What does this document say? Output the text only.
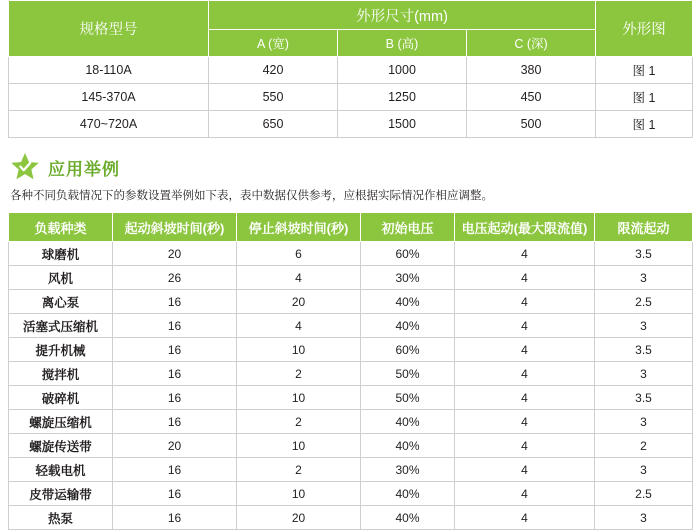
规格型号	外形尺寸(mm)			外形图
	A (宽)	B (高)	C (深)	
18-110A	420	1000	380	图 1
145-370A	550	1250	450	图 1
470~720A	650	1500	500	图 1
应用举例
各种不同负载情况下的参数设置举例如下表，表中数据仅供参考，应根据实际情况作相应调整。
负载种类	起动斜坡时间(秒)	停止斜坡时间(秒)	初始电压	电压起动(最大限流值)	限流起动
球磨机	20	6	60%	4	3.5
风机	26	4	30%	4	3
离心泵	16	20	40%	4	2.5
活塞式压缩机	16	4	40%	4	3
提升机械	16	10	60%	4	3.5
搅拌机	16	2	50%	4	3
破碎机	16	10	50%	4	3.5
螺旋压缩机	16	2	40%	4	3
螺旋传送带	20	10	40%	4	2
轻载电机	16	2	30%	4	3
皮带运输带	16	10	40%	4	2.5
热泵	16	20	40%	4	3
